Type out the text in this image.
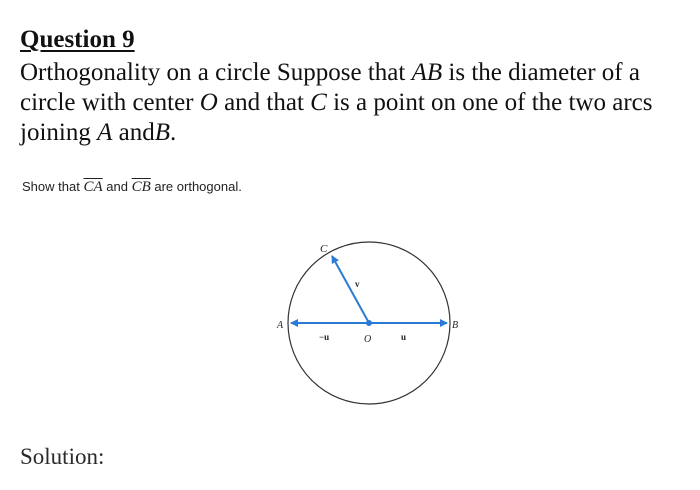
Question 9
Orthogonality on a circle Suppose that AB is the diameter of a circle with center O and that C is a point on one of the two arcs joining A andB.
Show that $\overline{CA}$ and $\overline{CB}$ are orthogonal.
C
A	B
O
v
−u	u
Solution:
